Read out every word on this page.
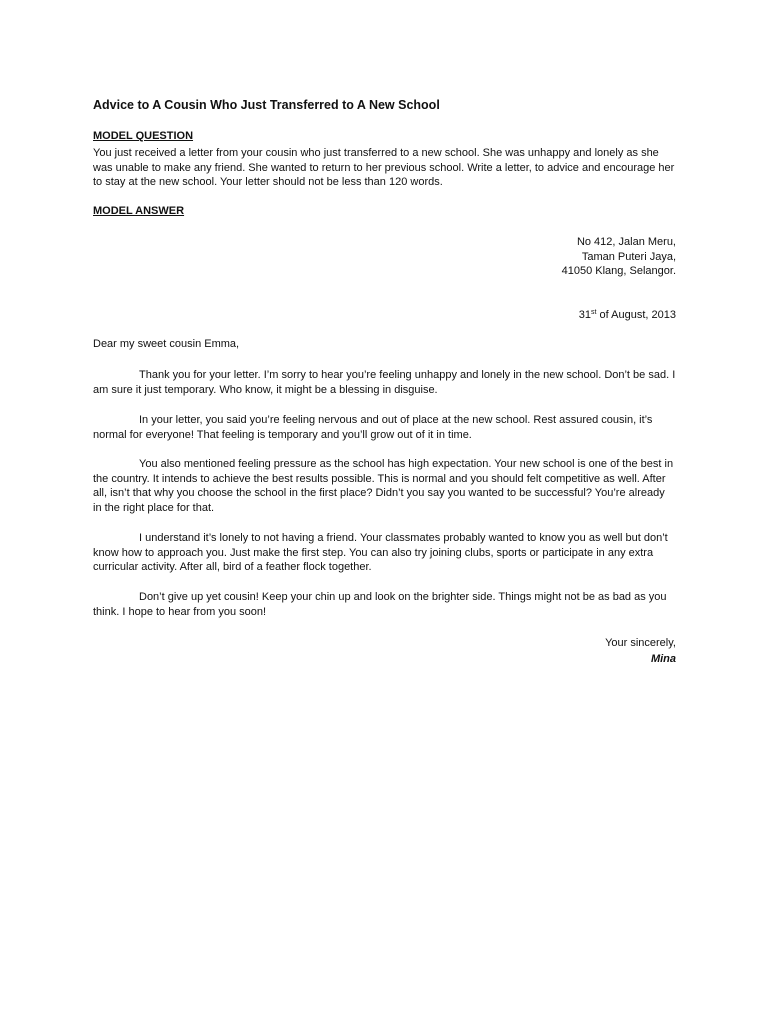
Advice to A Cousin Who Just Transferred to A New School
MODEL QUESTION
You just received a letter from your cousin who just transferred to a new school. She was unhappy and lonely as she was unable to make any friend. She wanted to return to her previous school. Write a letter, to advice and encourage her to stay at the new school. Your letter should not be less than 120 words.
MODEL ANSWER
No 412, Jalan Meru,
Taman Puteri Jaya,
41050 Klang, Selangor.
31st of August, 2013
Dear my sweet cousin Emma,
Thank you for your letter. I’m sorry to hear you’re feeling unhappy and lonely in the new school. Don’t be sad. I am sure it just temporary. Who know, it might be a blessing in disguise.
In your letter, you said you’re feeling nervous and out of place at the new school. Rest assured cousin, it’s normal for everyone! That feeling is temporary and you’ll grow out of it in time.
You also mentioned feeling pressure as the school has high expectation. Your new school is one of the best in the country. It intends to achieve the best results possible. This is normal and you should felt competitive as well. After all, isn’t that why you choose the school in the first place? Didn’t you say you wanted to be successful? You’re already in the right place for that.
I understand it’s lonely to not having a friend. Your classmates probably wanted to know you as well but don’t know how to approach you. Just make the first step. You can also try joining clubs, sports or participate in any extra curricular activity. After all, bird of a feather flock together.
Don’t give up yet cousin! Keep your chin up and look on the brighter side. Things might not be as bad as you think. I hope to hear from you soon!
Your sincerely,
Mina
